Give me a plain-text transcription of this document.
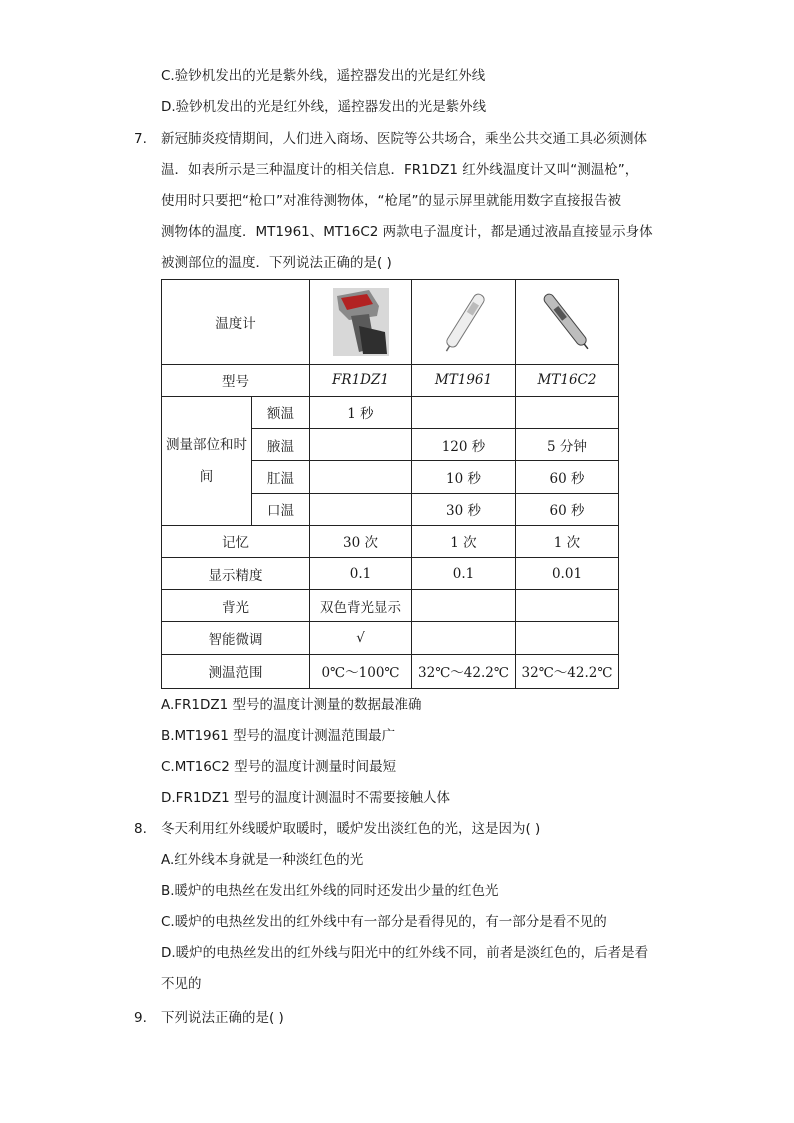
C.验钞机发出的光是紫外线，遥控器发出的光是红外线
D.验钞机发出的光是红外线，遥控器发出的光是紫外线
7. 新冠肺炎疫情期间，人们进入商场、医院等公共场合，乘坐公共交通工具必须测体
温．如表所示是三种温度计的相关信息．FR1DZ1 红外线温度计又叫“测温枪”，
使用时只要把“枪口”对准待测物体，“枪尾”的显示屏里就能用数字直接报告被
测物体的温度．MT1961、MT16C2 两款电子温度计，都是通过液晶直接显示身体
被测部位的温度．下列说法正确的是( )
温度计	

型号		FR1DZ1	MT1961	MT16C2
测量部位和时间	额温	1 秒		
	腋温		120 秒	5 分钟
	肛温		10 秒	60 秒
	口温		30 秒	60 秒
记忆		30 次	1 次	1 次
显示精度		0.1	0.1	0.01
背光		双色背光显示		
智能微调		√		
测温范围		0℃～100℃	32℃～42.2℃	32℃～42.2℃
A.FR1DZ1 型号的温度计测量的数据最准确
B.MT1961 型号的温度计测温范围最广
C.MT16C2 型号的温度计测量时间最短
D.FR1DZ1 型号的温度计测温时不需要接触人体
8. 冬天利用红外线暖炉取暖时，暖炉发出淡红色的光，这是因为( )
A.红外线本身就是一种淡红色的光
B.暖炉的电热丝在发出红外线的同时还发出少量的红色光
C.暖炉的电热丝发出的红外线中有一部分是看得见的，有一部分是看不见的
D.暖炉的电热丝发出的红外线与阳光中的红外线不同，前者是淡红色的，后者是看
不见的
9. 下列说法正确的是( )
